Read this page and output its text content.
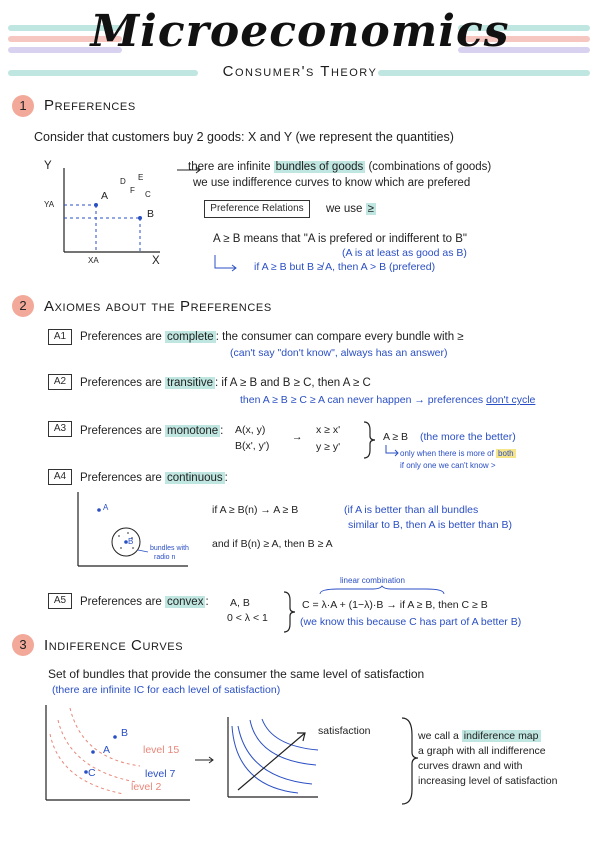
Microeconomics
Consumer's Theory
1	Preferences
Consider that customers buy 2 goods: X and Y (we represent the quantities)
Y
X
YA
XA
A
B
D E
F C
there are infinite bundles of goods (combinations of goods)
we use indifference curves to know which are prefered
Preference Relations	we use ≥
A ≥ B means that "A is prefered or indifferent to B"
(A is at least as good as B)
if A ≥ B but B ≱ A, then A > B (prefered)
2	Axiomes about the Preferences
A1	Preferences are complete : the consumer can compare every bundle with ≥
(can't say "don't know", always has an answer)
A2	Preferences are transitive : if A ≥ B and B ≥ C, then A ≥ C
then A ≥ B ≥ C ≥ A can never happen → preferences don't cycle
A3	Preferences are monotone : A(x, y)
B(x', y')
→
x ≥ x'
y ≥ y'
A ≥ B (the more the better)
only when there is more of both
if only one we can't know >
A4	Preferences are continuous :
A
B
bundles with
radio n
if A ≥ B(n) → A ≥ B	(if A is better than all bundles
similar to B, then A is better than B)
and if B(n) ≥ A, then B ≥ A
A5	Preferences are convex : A, B
0 < λ < 1
linear combination
C = λ·A + (1−λ)·B → if A ≥ B, then C ≥ B
(we know this because C has part of A better B)
3	Indiference Curves
Set of bundles that provide the consumer the same level of satisfaction
(there are infinite IC for each level of satisfaction)
A
B
C
level 15
level 7
level 2
satisfaction	we call a indiference map
a graph with all indifference
curves drawn and with
increasing level of satisfaction
